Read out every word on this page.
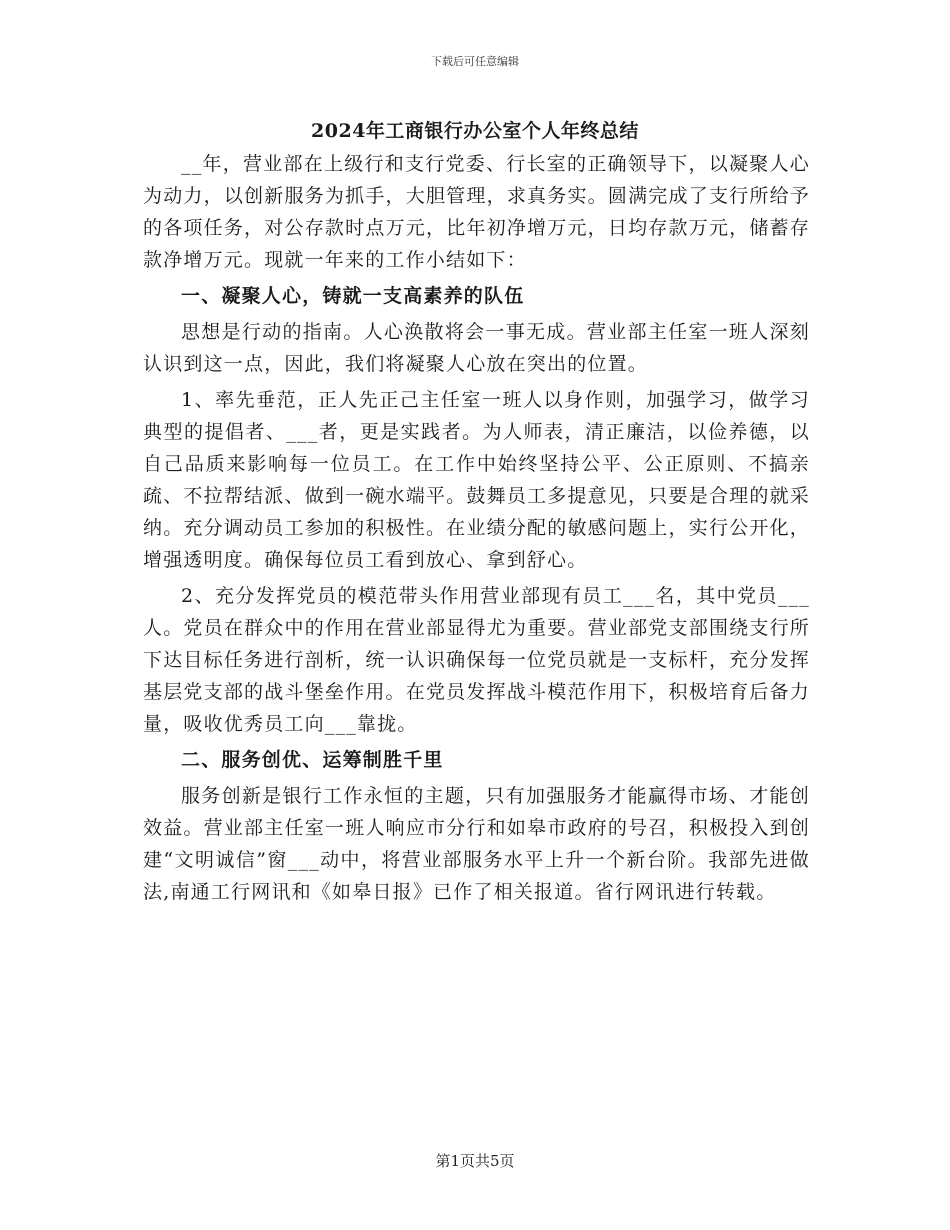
下载后可任意编辑
2024年工商银行办公室个人年终总结

__年，营业部在上级行和支行党委、行长室的正确领导下，以凝聚人心为动力，以创新服务为抓手，大胆管理，求真务实。圆满完成了支行所给予的各项任务，对公存款时点万元，比年初净增万元，日均存款万元，储蓄存款净增万元。现就一年来的工作小结如下：

一、凝聚人心，铸就一支高素养的队伍

思想是行动的指南。人心涣散将会一事无成。营业部主任室一班人深刻认识到这一点，因此，我们将凝聚人心放在突出的位置。

1、率先垂范，正人先正己主任室一班人以身作则，加强学习，做学习典型的提倡者、___者，更是实践者。为人师表，清正廉洁，以俭养德，以自己品质来影响每一位员工。在工作中始终坚持公平、公正原则、不搞亲疏、不拉帮结派、做到一碗水端平。鼓舞员工多提意见，只要是合理的就采纳。充分调动员工参加的积极性。在业绩分配的敏感问题上，实行公开化，增强透明度。确保每位员工看到放心、拿到舒心。

2、充分发挥党员的模范带头作用营业部现有员工___名，其中党员___人。党员在群众中的作用在营业部显得尤为重要。营业部党支部围绕支行所下达目标任务进行剖析，统一认识确保每一位党员就是一支标杆，充分发挥基层党支部的战斗堡垒作用。在党员发挥战斗模范作用下，积极培育后备力量，吸收优秀员工向___靠拢。

二、服务创优、运筹制胜千里

服务创新是银行工作永恒的主题，只有加强服务才能赢得市场、才能创效益。营业部主任室一班人响应市分行和如皋市政府的号召，积极投入到创建“文明诚信”窗___动中，将营业部服务水平上升一个新台阶。我部先进做法,南通工行网讯和《如皋日报》已作了相关报道。省行网讯进行转载。

第1页共5页
